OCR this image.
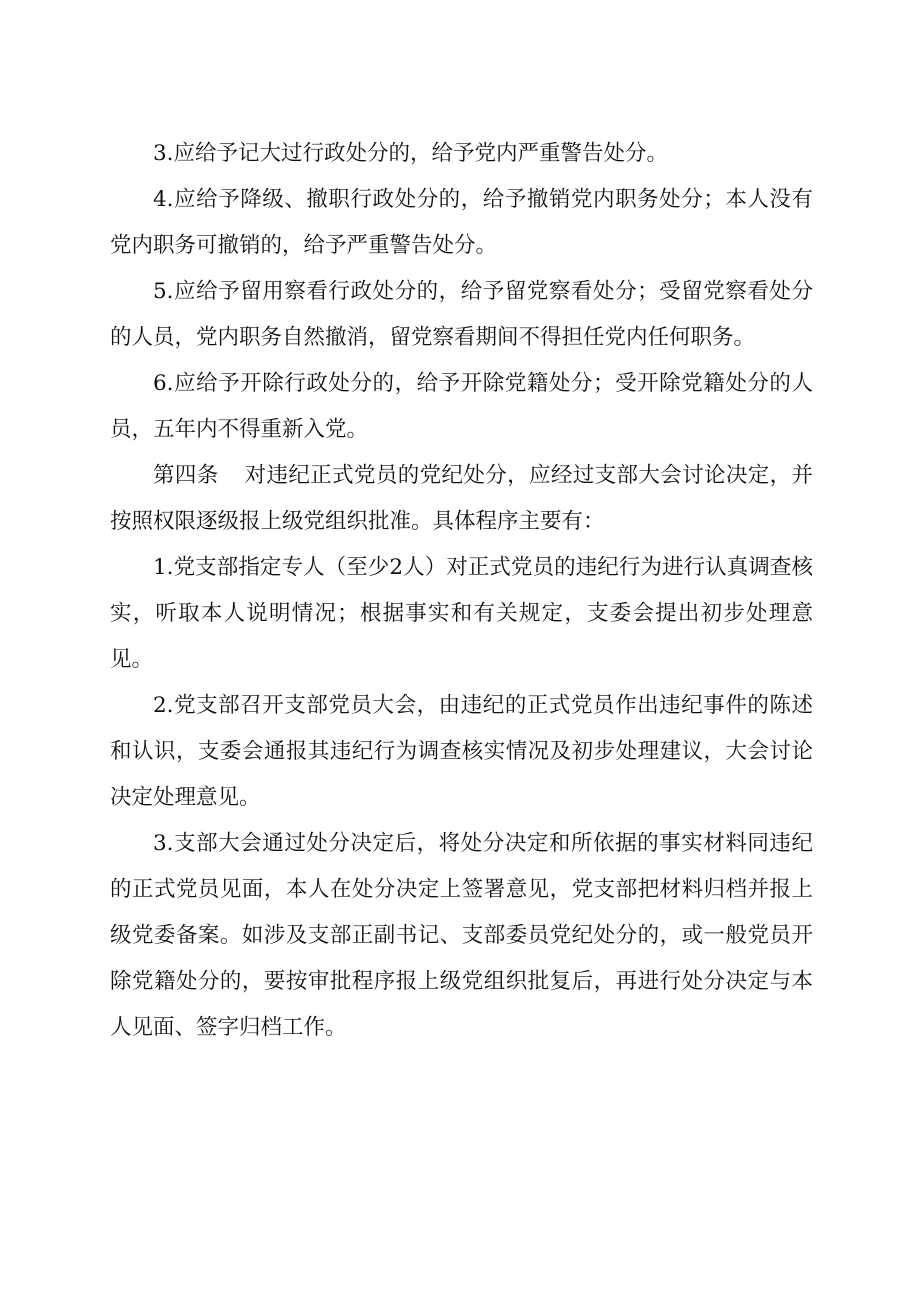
3.应给予记大过行政处分的，给予党内严重警告处分。

4.应给予降级、撤职行政处分的，给予撤销党内职务处分；本人没有党内职务可撤销的，给予严重警告处分。

5.应给予留用察看行政处分的，给予留党察看处分；受留党察看处分的人员，党内职务自然撤消，留党察看期间不得担任党内任何职务。

6.应给予开除行政处分的，给予开除党籍处分；受开除党籍处分的人员，五年内不得重新入党。

第四条 对违纪正式党员的党纪处分，应经过支部大会讨论决定，并按照权限逐级报上级党组织批准。具体程序主要有：

1.党支部指定专人（至少2人）对正式党员的违纪行为进行认真调查核实，听取本人说明情况；根据事实和有关规定，支委会提出初步处理意见。

2.党支部召开支部党员大会，由违纪的正式党员作出违纪事件的陈述和认识，支委会通报其违纪行为调查核实情况及初步处理建议，大会讨论决定处理意见。

3.支部大会通过处分决定后，将处分决定和所依据的事实材料同违纪的正式党员见面，本人在处分决定上签署意见，党支部把材料归档并报上级党委备案。如涉及支部正副书记、支部委员党纪处分的，或一般党员开除党籍处分的，要按审批程序报上级党组织批复后，再进行处分决定与本人见面、签字归档工作。
